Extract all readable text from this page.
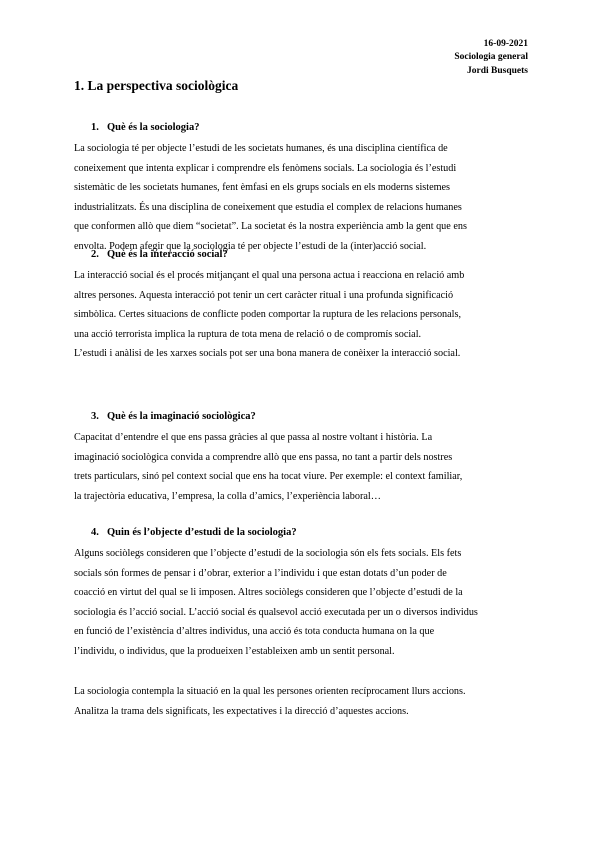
16-09-2021
Sociologia general
Jordi Busquets
1. La perspectiva sociològica
1. Què és la sociologia?

La sociologia té per objecte l’estudi de les societats humanes, és una disciplina científica de
coneixement que intenta explicar i comprendre els fenòmens socials. La sociologia és l’estudi
sistemàtic de les societats humanes, fent èmfasi en els grups socials en els moderns sistemes
industrialitzats. És una disciplina de coneixement que estudia el complex de relacions humanes
que conformen allò que diem “societat”. La societat és la nostra experiència amb la gent que ens
envolta. Podem afegir que la sociologia té per objecte l’estudi de la (inter)acció social.

2. Què és la interacció social?

La interacció social és el procés mitjançant el qual una persona actua i reacciona en relació amb
altres persones. Aquesta interacció pot tenir un cert caràcter ritual i una profunda significació
simbòlica. Certes situacions de conflicte poden comportar la ruptura de les relacions personals,
una acció terrorista implica la ruptura de tota mena de relació o de compromís social.
L’estudi i anàlisi de les xarxes socials pot ser una bona manera de conèixer la interacció social.

3. Què és la imaginació sociològica?

Capacitat d’entendre el que ens passa gràcies al que passa al nostre voltant i història. La
imaginació sociològica convida a comprendre allò que ens passa, no tant a partir dels nostres
trets particulars, sinó pel context social que ens ha tocat viure. Per exemple: el context familiar,
la trajectòria educativa, l’empresa, la colla d’amics, l’experiència laboral…

4. Quin és l’objecte d’estudi de la sociologia?

Alguns sociòlegs consideren que l’objecte d’estudi de la sociologia són els fets socials. Els fets
socials són formes de pensar i d’obrar, exterior a l’individu i que estan dotats d’un poder de
coacció en virtut del qual se li imposen. Altres sociòlegs consideren que l’objecte d’estudi de la
sociologia és l’acció social. L’acció social és qualsevol acció executada per un o diversos individus
en funció de l’existència d’altres individus, una acció és tota conducta humana on la que
l’individu, o individus, que la produeixen l’estableixen amb un sentit personal.

La sociologia contempla la situació en la qual les persones orienten recíprocament llurs accions.
Analitza la trama dels significats, les expectatives i la direcció d’aquestes accions.
